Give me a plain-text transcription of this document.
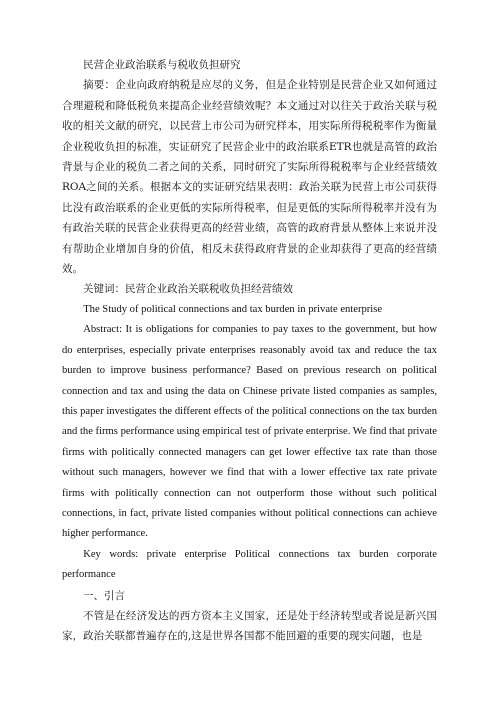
民营企业政治联系与税收负担研究

摘要：企业向政府纳税是应尽的义务，但是企业特别是民营企业又如何通过合理避税和降低税负来提高企业经营绩效呢？本文通过对以往关于政治关联与税收的相关文献的研究，以民营上市公司为研究样本，用实际所得税税率作为衡量企业税收负担的标准，实证研究了民营企业中的政治联系ETR也就是高管的政治背景与企业的税负二者之间的关系，同时研究了实际所得税税率与企业经营绩效ROA之间的关系。根据本文的实证研究结果表明：政治关联为民营上市公司获得比没有政治联系的企业更低的实际所得税率，但是更低的实际所得税率并没有为有政治关联的民营企业获得更高的经营业绩，高管的政府背景从整体上来说并没有帮助企业增加自身的价值，相反未获得政府背景的企业却获得了更高的经营绩效。

关键词：民营企业政治关联税收负担经营绩效

The Study of political connections and tax burden in private enterprise

Abstract: It is obligations for companies to pay taxes to the government, but how do enterprises, especially private enterprises reasonably avoid tax and reduce the tax burden to improve business performance? Based on previous research on political connection and tax and using the data on Chinese private listed companies as samples, this paper investigates the different effects of the political connections on the tax burden and the firms performance using empirical test of private enterprise. We find that private firms with politically connected managers can get lower effective tax rate than those without such managers, however we find that with a lower effective tax rate private firms with politically connection can not outperform those without such political connections, in fact, private listed companies without political connections can achieve higher performance.

Key words: private enterprise Political connections tax burden corporate performance

一、引言

不管是在经济发达的西方资本主义国家，还是处于经济转型或者说是新兴国家，政治关联都普遍存在的,这是世界各国都不能回避的重要的现实问题，也是
